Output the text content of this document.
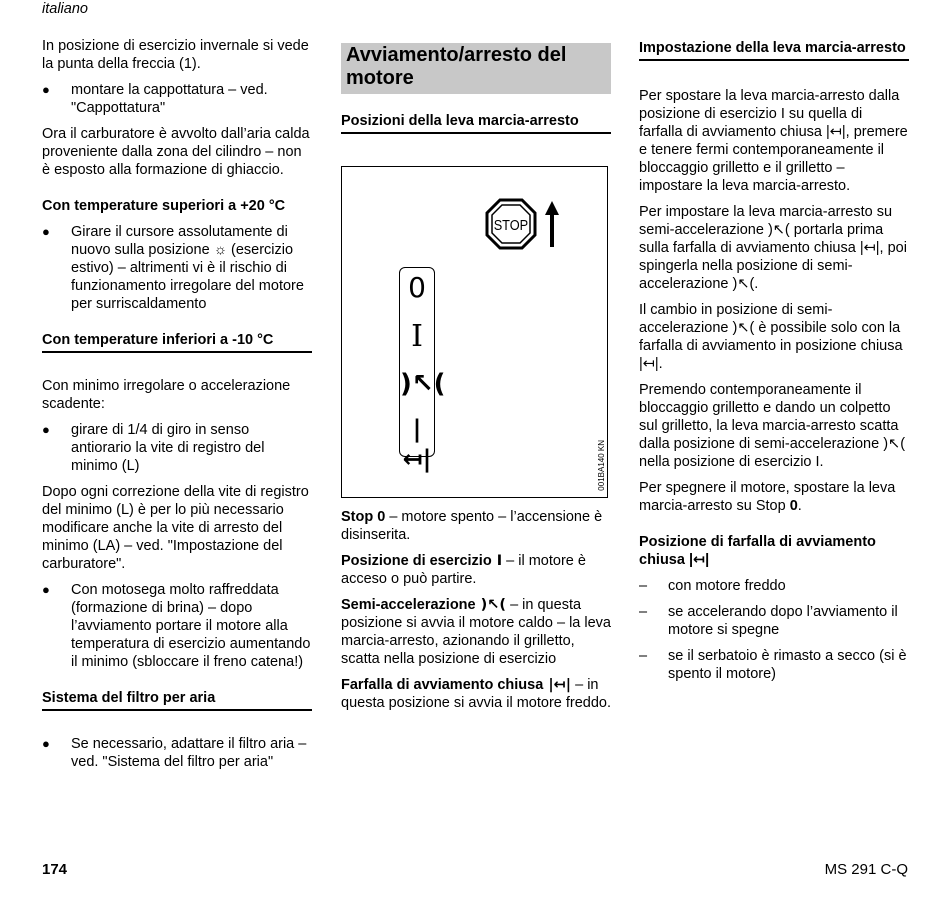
italiano

In posizione di esercizio invernale si vede la punta della freccia (1).

● montare la cappottatura – ved. "Cappottatura"

Ora il carburatore è avvolto dall’aria calda proveniente dalla zona del cilindro – non è esposto alla formazione di ghiaccio.

Con temperature superiori a +20 °C
● Girare il cursore assolutamente di nuovo sulla posizione ☼ (esercizio estivo) – altrimenti vi è il rischio di funzionamento irregolare del motore per surriscaldamento
Con temperature inferiori a -10 °C

Con minimo irregolare o accelerazione scadente:

● girare di 1/4 di giro in senso antiorario la vite di registro del minimo (L)

Dopo ogni correzione della vite di registro del minimo (L) è per lo più necessario modificare anche la vite di arresto del minimo (LA) – ved. "Impostazione del carburatore".

● Con motosega molto raffreddata (formazione di brina) – dopo l’avviamento portare il motore alla temperatura di esercizio aumentando il minimo (sbloccare il freno catena!)
Sistema del filtro per aria
● Se necessario, adattare il filtro aria – ved. "Sistema del filtro per aria"
Avviamento/arresto del motore
Posizioni della leva marcia-arresto
STOP
0
I
)↖(
|↤|	001BA140 KN

Stop 0 – motore spento – l’accensione è disinserita.

Posizione di esercizio I – il motore è acceso o può partire.

Semi-accelerazione )↖( – in questa posizione si avvia il motore caldo – la leva marcia-arresto, azionando il grilletto, scatta nella posizione di esercizio

Farfalla di avviamento chiusa |↤| – in questa posizione si avvia il motore freddo.

Impostazione della leva marcia-arresto

Per spostare la leva marcia-arresto dalla posizione di esercizio I su quella di farfalla di avviamento chiusa |↤|, premere e tenere fermi contemporaneamente il bloccaggio grilletto e il grilletto – impostare la leva marcia-arresto.

Per impostare la leva marcia-arresto su semi-accelerazione )↖( portarla prima sulla farfalla di avviamento chiusa |↤|, poi spingerla nella posizione di semi-accelerazione )↖(.

Il cambio in posizione di semi-accelerazione )↖( è possibile solo con la farfalla di avviamento in posizione chiusa |↤|.

Premendo contemporaneamente il bloccaggio grilletto e dando un colpetto sul grilletto, la leva marcia-arresto scatta dalla posizione di semi-accelerazione )↖( nella posizione di esercizio I.

Per spegnere il motore, spostare la leva marcia-arresto su Stop 0.

Posizione di farfalla di avviamento chiusa |↤|
– con motore freddo
– se accelerando dopo l’avviamento il motore si spegne
– se il serbatoio è rimasto a secco (si è spento il motore)
174	MS 291 C-Q
